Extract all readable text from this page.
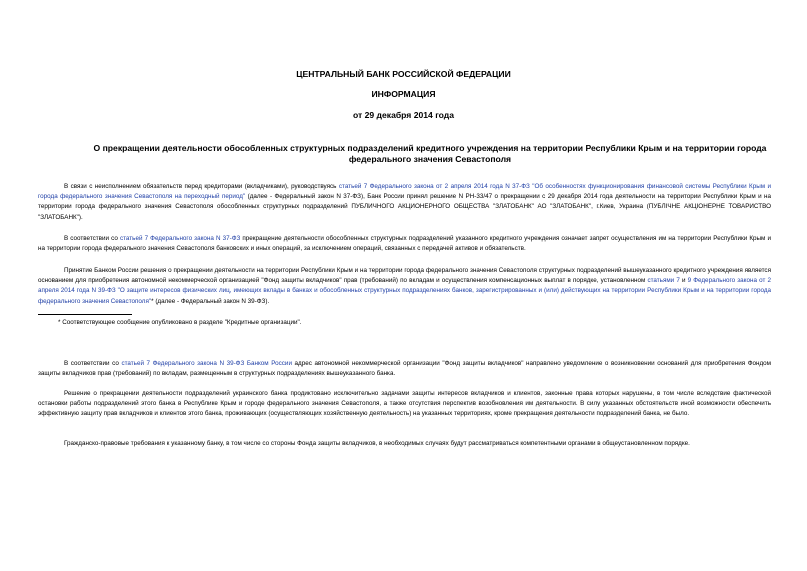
ЦЕНТРАЛЬНЫЙ БАНК РОССИЙСКОЙ ФЕДЕРАЦИИ
ИНФОРМАЦИЯ
от 29 декабря 2014 года
О прекращении деятельности обособленных структурных подразделений кредитного учреждения на территории Республики Крым и на территории города федерального значения Севастополя
В связи с неисполнением обязательств перед кредиторами (вкладчиками), руководствуясь статьей 7 Федерального закона от 2 апреля 2014 года N 37-ФЗ "Об особенностях функционирования финансовой системы Республики Крым и города федерального значения Севастополя на переходный период" (далее - Федеральный закон N 37-ФЗ), Банк России принял решение N РН-33/47 о прекращении с 29 декабря 2014 года деятельности на территории Республики Крым и на территории города федерального значения Севастополя обособленных структурных подразделений ПУБЛИЧНОГО АКЦИОНЕРНОГО ОБЩЕСТВА "ЗЛАТОБАНК" АО "ЗЛАТОБАНК", г.Киев, Украина (ПУБЛІЧНЕ АКЦІОНЕРНЕ ТОВАРИСТВО "ЗЛАТОБАНК").
В соответствии со статьей 7 Федерального закона N 37-ФЗ прекращение деятельности обособленных структурных подразделений указанного кредитного учреждения означает запрет осуществления им на территории Республики Крым и на территории города федерального значения Севастополя банковских и иных операций, за исключением операций, связанных с передачей активов и обязательств.
Принятие Банком России решения о прекращении деятельности на территории Республики Крым и на территории города федерального значения Севастополя структурных подразделений вышеуказанного кредитного учреждения является основанием для приобретения автономной некоммерческой организацией "Фонд защиты вкладчиков" прав (требований) по вкладам и осуществления компенсационных выплат в порядке, установленном статьями 7 и 9 Федерального закона от 2 апреля 2014 года N 39-ФЗ "О защите интересов физических лиц, имеющих вклады в банках и обособленных структурных подразделениях банков, зарегистрированных и (или) действующих на территории Республики Крым и на территории города федерального значения Севастополя"* (далее - Федеральный закон N 39-ФЗ).
* Соответствующее сообщение опубликовано в разделе "Кредитные организации".
В соответствии со статьей 7 Федерального закона N 39-ФЗ Банком России адрес автономной некоммерческой организации "Фонд защиты вкладчиков" направлено уведомление о возникновении оснований для приобретения Фондом защиты вкладчиков прав (требований) по вкладам, размещенным в структурных подразделениях вышеуказанного банка.
Решение о прекращении деятельности подразделений украинского банка продиктовано исключительно задачами защиты интересов вкладчиков и клиентов, законные права которых нарушены, в том числе вследствие фактической остановки работы подразделений этого банка в Республике Крым и городе федерального значения Севастополя, а также отсутствия перспектив возобновления им деятельности. В силу указанных обстоятельств иной возможности обеспечить эффективную защиту прав вкладчиков и клиентов этого банка, проживающих (осуществляющих хозяйственную деятельность) на указанных территориях, кроме прекращения деятельности подразделений банка, не было.
Гражданско-правовые требования к указанному банку, в том числе со стороны Фонда защиты вкладчиков, в необходимых случаях будут рассматриваться компетентными органами в общеустановленном порядке.
